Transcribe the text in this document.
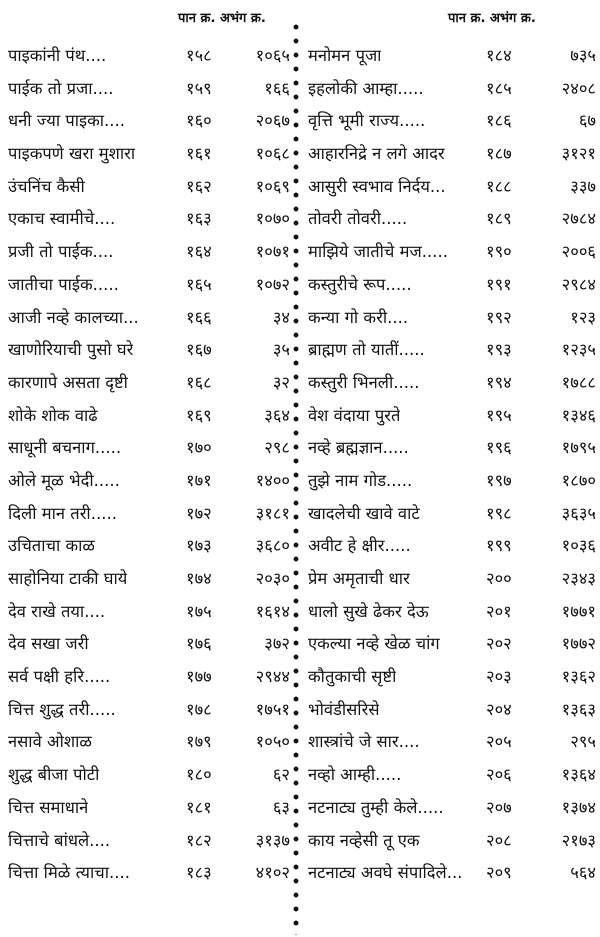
पान क्र. अभंग क्र.	पान क्र. अभंग क्र.
पाइकांनी पंथ....	१५८	१०६५
पाईक तो प्रजा....	१५९	१६६
धनी ज्या पाइका....	१६०	२०६७
पाइकपणे खरा मुशारा	१६१	१०६८
उंचनिंच कैसी	१६२	१०६९
एकाच स्वामीचे....	१६३	१०७०
प्रजी तो पाईक....	१६४	१०७१
जातीचा पाईक.....	१६५	१०७२
आजी नव्हे कालच्या...	१६६	३४
खाणोरियाची पुसो घरे	१६७	३५
कारणापे असता दृष्टी	१६८	३२
शोके शोक वाढे	१६९	३६४
साधूनी बचनाग.....	१७०	२९८
ओले मूळ भेदी.....	१७१	१४००
दिली मान तरी.....	१७२	३१८१
उचिताचा काळ	१७३	३६८०
साहोनिया टाकी घाये	१७४	२०३०
देव राखे तया....	१७५	१६१४
देव सखा जरी	१७६	३७२
सर्व पक्षी हरि.....	१७७	२९४४
चित्त शुद्ध तरी.....	१७८	१७५१
नसावे ओशाळ	१७९	१०५०
शुद्ध बीजा पोटी	१८०	६२
चित्त समाधाने	१८१	६३
चित्ताचे बांधले....	१८२	३१३७
चित्ता मिळे त्याचा....	१८३	४१०२
मनोमन पूजा	१८४	७३५
इहलोकी आम्हा.....	१८५	२४०८
वृत्ति भूमी राज्य.....	१८६	६७
आहारनिद्रे न लगे आदर	१८७	३१२१
आसुरी स्वभाव निर्दय... १८८	३३७
तोवरी तोवरी.....	१८९	२७८४
माझिये जातीचे मज..... १९०	२००६
कस्तुरीचे रूप.....	१९१	२९८४
कन्या गो करी....	१९२	१२३
ब्राह्मण तो यातीं.....	१९३	१२३५
कस्तुरी भिनली.....	१९४	१७८८
वेश वंदाया पुरते	१९५	१३४६
नव्हे ब्रह्मज्ञान.....	१९६	१७९५
तुझे नाम गोड.....	१९७	१८७०
खादलेची खावे वाटे	१९८	३६३५
अवीट हे क्षीर.....	१९९	१०३६
प्रेम अमृताची धार	२००	२३४३
धालो सुखे ढेकर देऊ	२०१	१७७१
एकल्या नव्हे खेळ चांग	२०२	१७७२
कौतुकाची सृष्टी	२०३	१३६२
भोवंडीसरिसे	२०४	१३६३
शास्त्रांचे जे सार....	२०५	२९५
नव्हो आम्ही.....	२०६	१३६४
नटनाट्य तुम्ही केले.....	२०७	१३७४
काय नव्हेसी तू एक	२०८	२१७३
नटनाट्य अवघे संपादिले... २०९	५६४
